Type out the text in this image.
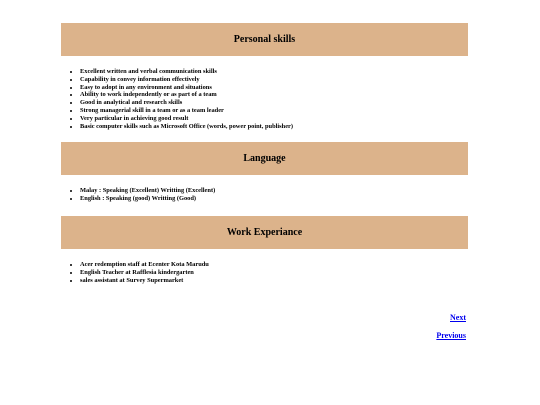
Personal skills
• Excellent written and verbal communication skills
• Capability in convey information effectively
• Easy to adopt in any environment and situations
• Ability to work independently or as part of a team
• Good in analytical and research skills
• Strong managerial skill in a team or as a team leader
• Very particular in achieving good result
• Basic computer skills such as Microsoft Office (words, power point, publisher)
Language
• Malay : Speaking (Excellent) Writting (Excellent)
• English : Speaking (good) Writting (Good)
Work Experiance
• Acer redemption staff at Ecenter Kota Marudu
• English Teacher at Rafflesia kindergarten
• sales assistant at Survey Supermarket
Next
Previous
